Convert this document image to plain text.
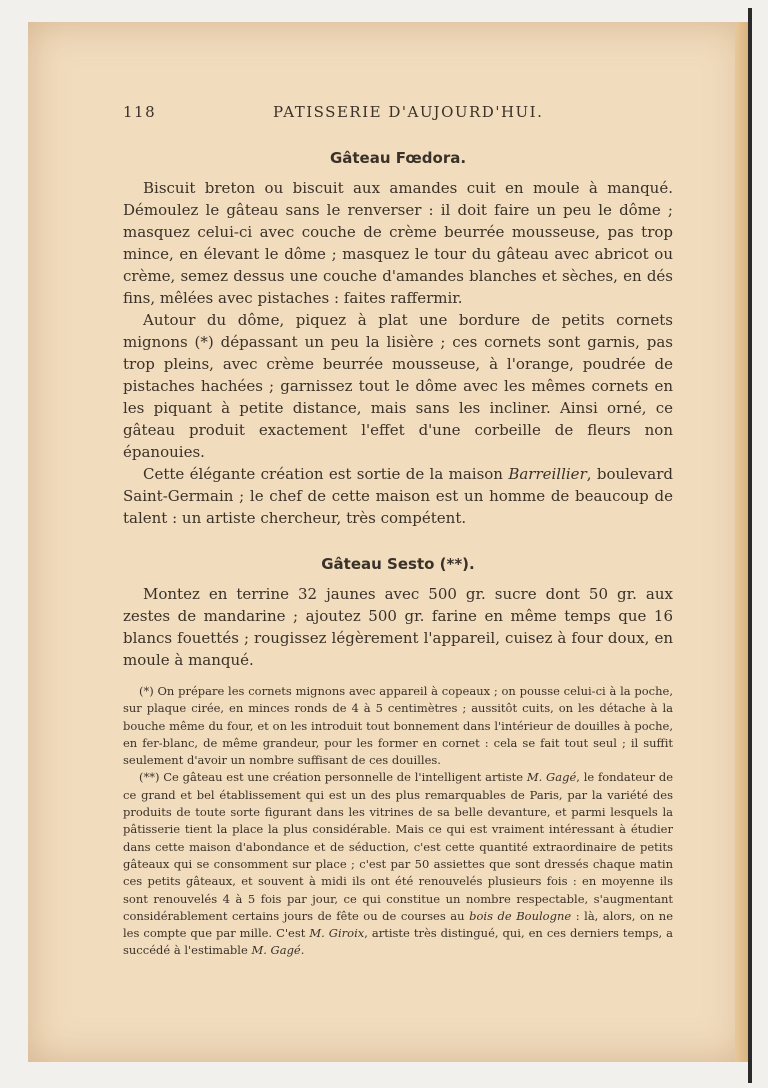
118	PATISSERIE D'AUJOURD'HUI.
Gâteau Fœdora.

Biscuit breton ou biscuit aux amandes cuit en moule à manqué. Démoulez le gâteau sans le renverser : il doit faire un peu le dôme ; masquez celui-ci avec couche de crème beurrée mousseuse, pas trop mince, en élevant le dôme ; masquez le tour du gâteau avec abricot ou crème, semez dessus une couche d'amandes blanches et sèches, en dés fins, mêlées avec pistaches : faites raffermir.

Autour du dôme, piquez à plat une bordure de petits cornets mignons (*) dépassant un peu la lisière ; ces cornets sont garnis, pas trop pleins, avec crème beurrée mousseuse, à l'orange, poudrée de pistaches hachées ; garnissez tout le dôme avec les mêmes cornets en les piquant à petite distance, mais sans les incliner. Ainsi orné, ce gâteau produit exactement l'effet d'une corbeille de fleurs non épanouies.

Cette élégante création est sortie de la maison Barreillier, boulevard Saint-Germain ; le chef de cette maison est un homme de beaucoup de talent : un artiste chercheur, très compétent.

Gâteau Sesto (**).

Montez en terrine 32 jaunes avec 500 gr. sucre dont 50 gr. aux zestes de mandarine ; ajoutez 500 gr. farine en même temps que 16 blancs fouettés ; rougissez légèrement l'appareil, cuisez à four doux, en moule à manqué.

(*) On prépare les cornets mignons avec appareil à copeaux ; on pousse celui-ci à la poche, sur plaque cirée, en minces ronds de 4 à 5 centimètres ; aussitôt cuits, on les détache à la bouche même du four, et on les introduit tout bonnement dans l'intérieur de douilles à poche, en fer-blanc, de même grandeur, pour les former en cornet : cela se fait tout seul ; il suffit seulement d'avoir un nombre suffisant de ces douilles.

(**) Ce gâteau est une création personnelle de l'intelligent artiste M. Gagé, le fondateur de ce grand et bel établissement qui est un des plus remarquables de Paris, par la variété des produits de toute sorte figurant dans les vitrines de sa belle devanture, et parmi lesquels la pâtisserie tient la place la plus considérable. Mais ce qui est vraiment intéressant à étudier dans cette maison d'abondance et de séduction, c'est cette quantité extraordinaire de petits gâteaux qui se consomment sur place ; c'est par 50 assiettes que sont dressés chaque matin ces petits gâteaux, et souvent à midi ils ont été renouvelés plusieurs fois : en moyenne ils sont renouvelés 4 à 5 fois par jour, ce qui constitue un nombre respectable, s'augmentant considérablement certains jours de fête ou de courses au bois de Boulogne : là, alors, on ne les compte que par mille. C'est M. Giroix, artiste très distingué, qui, en ces derniers temps, a succédé à l'estimable M. Gagé.
